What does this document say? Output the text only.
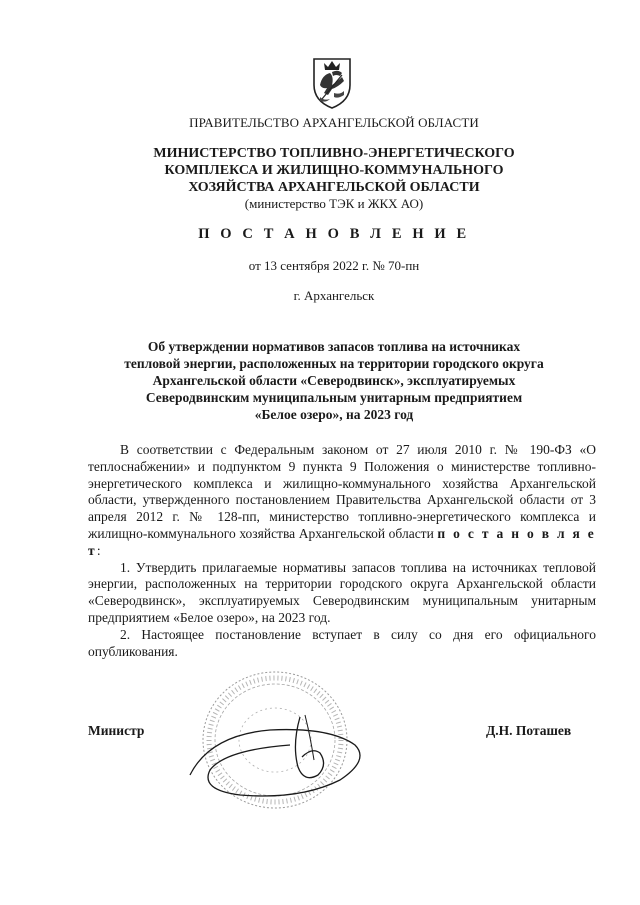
ПРАВИТЕЛЬСТВО АРХАНГЕЛЬСКОЙ ОБЛАСТИ
МИНИСТЕРСТВО ТОПЛИВНО-ЭНЕРГЕТИЧЕСКОГО
КОМПЛЕКСА И ЖИЛИЩНО-КОММУНАЛЬНОГО
ХОЗЯЙСТВА АРХАНГЕЛЬСКОЙ ОБЛАСТИ
(министерство ТЭК и ЖКХ АО)
П О С Т А Н О В Л Е Н И Е
от 13 сентября 2022 г. № 70-пн
г. Архангельск
Об утверждении нормативов запасов топлива на источниках
тепловой энергии, расположенных на территории городского округа
Архангельской области «Северодвинск», эксплуатируемых
Северодвинским муниципальным унитарным предприятием
«Белое озеро», на 2023 год

В соответствии с Федеральным законом от 27 июля 2010 г. № 190-ФЗ «О теплоснабжении» и подпунктом 9 пункта 9 Положения о министерстве топливно-энергетического комплекса и жилищно-коммунального хозяйства Архангельской области, утвержденного постановлением Правительства Архангельской области от 3 апреля 2012 г. № 128-пп, министерство топливно-энергетического комплекса и жилищно-коммунального хозяйства Архангельской области п о с т а н о в л я е т:

1. Утвердить прилагаемые нормативы запасов топлива на источниках тепловой энергии, расположенных на территории городского округа Архангельской области «Северодвинск», эксплуатируемых Северодвинским муниципальным унитарным предприятием «Белое озеро», на 2023 год.

2. Настоящее постановление вступает в силу со дня его официального опубликования.

Министр	Д.Н. Поташев
